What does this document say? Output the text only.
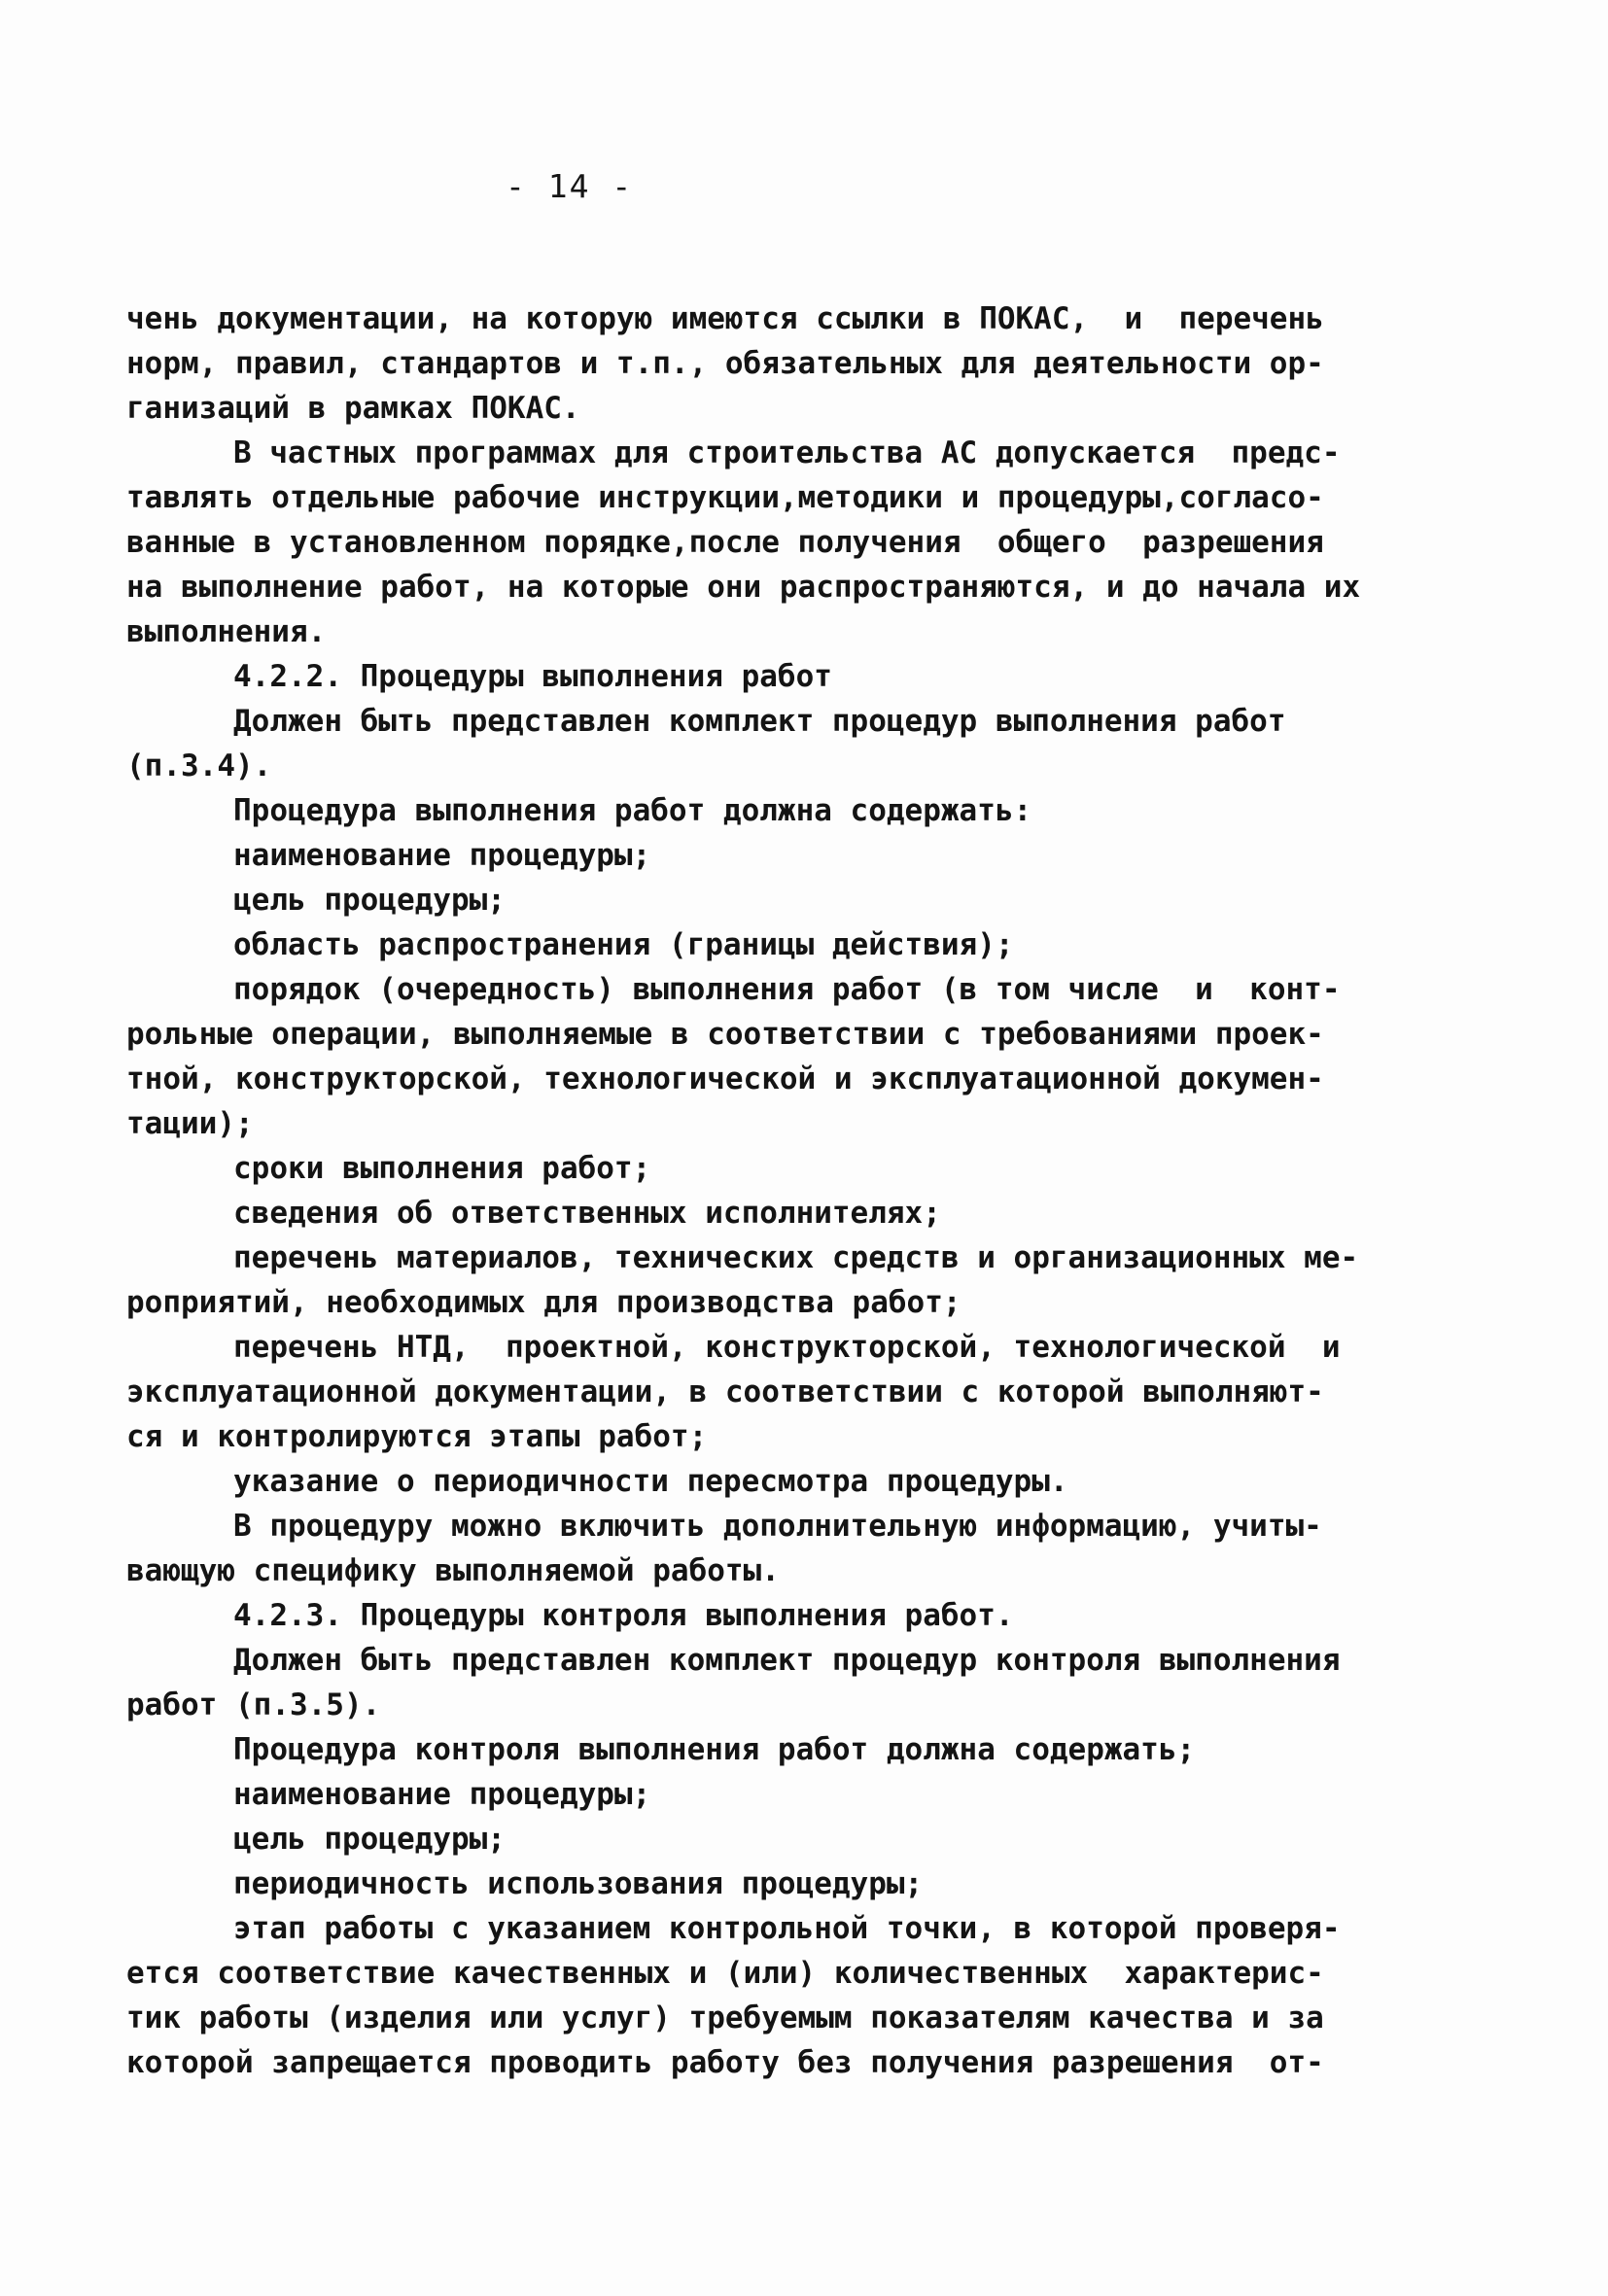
- 14 -
чень документации, на которую имеются ссылки в ПОКАС,  и  перечень
норм, правил, стандартов и т.п., обязательных для деятельности ор-
ганизаций в рамках ПОКАС.
В частных программах для строительства АС допускается  предс-
тавлять отдельные рабочие инструкции,методики и процедуры,согласо-
ванные в установленном порядке,после получения  общего  разрешения
на выполнение работ, на которые они распространяются, и до начала их
выполнения.
4.2.2. Процедуры выполнения работ
Должен быть представлен комплект процедур выполнения работ
(п.3.4).
Процедура выполнения работ должна содержать:
наименование процедуры;
цель процедуры;
область распространения (границы действия);
порядок (очередность) выполнения работ (в том числе  и  конт-
рольные операции, выполняемые в соответствии с требованиями проек-
тной, конструкторской, технологической и эксплуатационной докумен-
тации);
сроки выполнения работ;
сведения об ответственных исполнителях;
перечень материалов, технических средств и организационных ме-
роприятий, необходимых для производства работ;
перечень НТД,  проектной, конструкторской, технологической  и
эксплуатационной документации, в соответствии с которой выполняют-
ся и контролируются этапы работ;
указание о периодичности пересмотра процедуры.
В процедуру можно включить дополнительную информацию, учиты-
вающую специфику выполняемой работы.
4.2.3. Процедуры контроля выполнения работ.
Должен быть представлен комплект процедур контроля выполнения
работ (п.3.5).
Процедура контроля выполнения работ должна содержать;
наименование процедуры;
цель процедуры;
периодичность использования процедуры;
этап работы с указанием контрольной точки, в которой проверя-
ется соответствие качественных и (или) количественных  характерис-
тик работы (изделия или услуг) требуемым показателям качества и за
которой запрещается проводить работу без получения разрешения  от-
